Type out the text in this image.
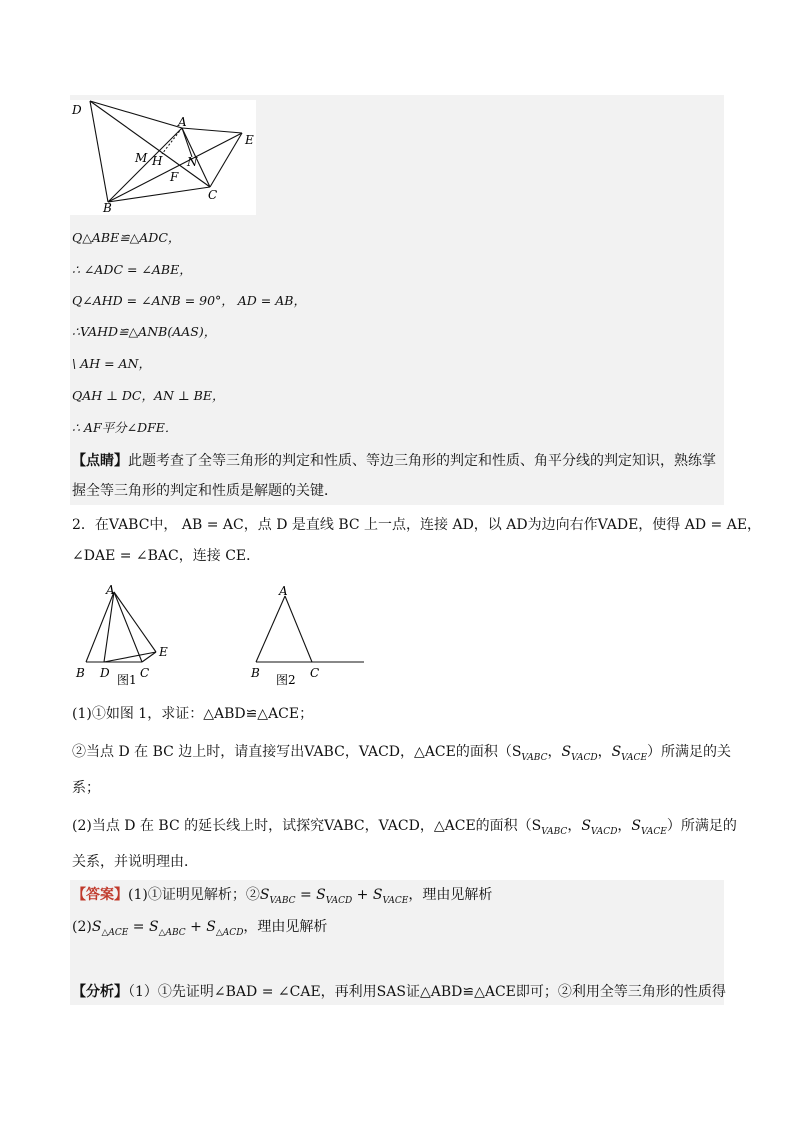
D
A
E
M H N
F
B
C
Q△ABE≌△ADC，
∴ ∠ADC = ∠ABE，
Q∠AHD = ∠ANB = 90°， AD = AB，
∴VAHD≌△ANB(AAS)，
\ AH = AN，
QAH ⊥ DC，AN ⊥ BE，
∴ AF平分∠DFE．
【点睛】此题考查了全等三角形的判定和性质、等边三角形的判定和性质、角平分线的判定知识，熟练掌
握全等三角形的判定和性质是解题的关键．
2．在VABC中， AB = AC，点 D 是直线 BC 上一点，连接 AD，以 AD为边向右作VADE，使得 AD = AE，
∠DAE = ∠BAC，连接 CE．
A
B D	C
E
图1
A
B	C
图2
(1)①如图 1，求证：△ABD≌△ACE；
②当点 D 在 BC 边上时，请直接写出VABC，VACD，△ACE的面积（$S_{VABC}$，$S_{VACD}$，$S_{VACE}$）所满足的关
系；
(2)当点 D 在 BC 的延长线上时，试探究VABC，VACD，△ACE的面积（$S_{VABC}$，$S_{VACD}$，$S_{VACE}$）所满足的
关系，并说明理由．
【答案】(1)①证明见解析；$②S_{VABC} = S_{VACD} + S_{VACE}$，理由见解析
$(2)S_{\triangle ACE} = S_{\triangle ABC} + S_{\triangle ACD}$，理由见解析
【分析】（1）①先证明∠BAD = ∠CAE，再利用SAS证△ABD≌△ACE即可；②利用全等三角形的性质得
